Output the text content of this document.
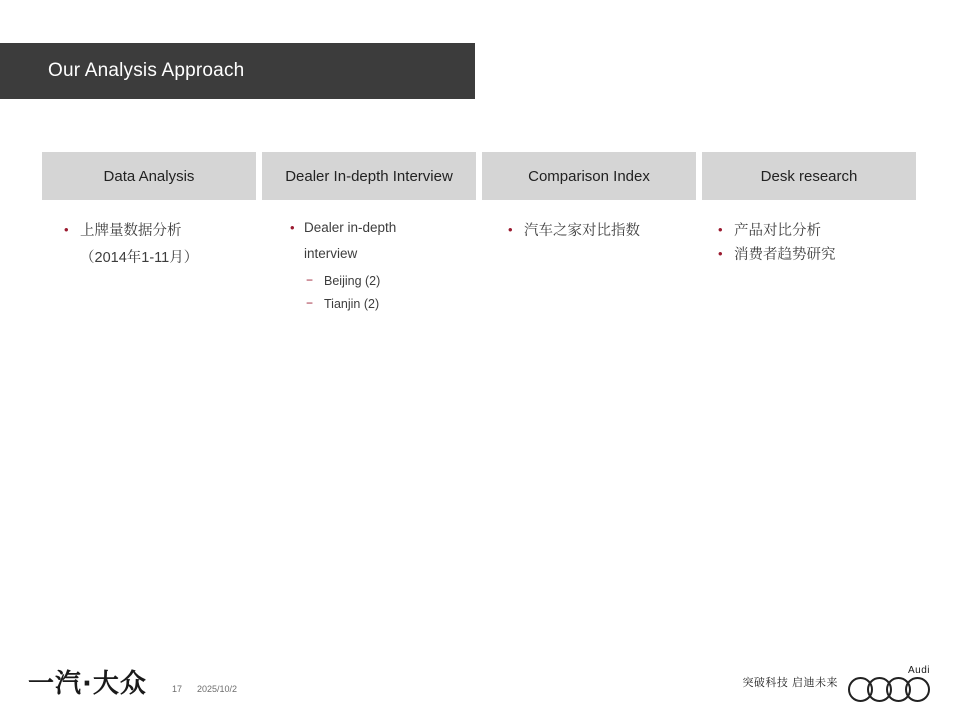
Our Analysis Approach
Data Analysis
• 上牌量数据分析
（2014年1-11月）
Dealer In-depth Interview
• Dealer in-depth
interview
− Beijing (2)
− Tianjin (2)
Comparison Index
• 汽车之家对比指数
Desk research
• 产品对比分析
• 消费者趋势研究
一汽·大众	17 2025/10/2
突破科技 启迪未来
Audi
